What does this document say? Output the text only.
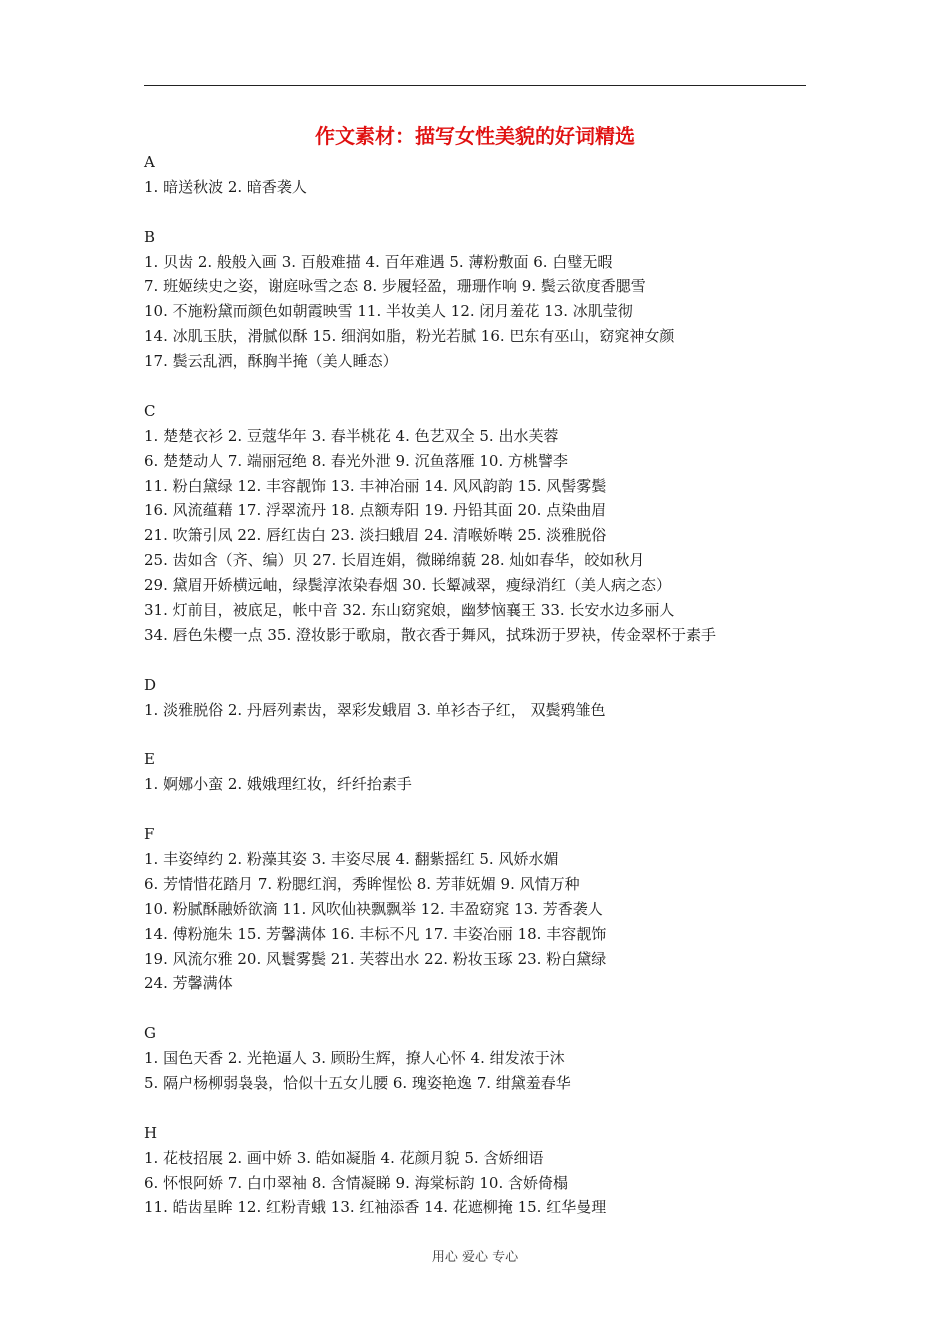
作文素材：描写女性美貌的好词精选
A
1. 暗送秋波 2. 暗香袭人
B
1. 贝齿 2. 般般入画 3. 百般难描 4. 百年难遇 5. 薄粉敷面 6. 白璧无暇
7. 班姬续史之姿，谢庭咏雪之态 8. 步履轻盈，珊珊作响 9. 鬓云欲度香腮雪
10. 不施粉黛而颜色如朝霞映雪 11. 半妆美人 12. 闭月羞花 13. 冰肌莹彻
14. 冰肌玉肤，滑腻似酥 15. 细润如脂，粉光若腻 16. 巴东有巫山，窈窕神女颜
17. 鬓云乱洒，酥胸半掩（美人睡态）
C
1. 楚楚衣衫 2. 豆蔻华年 3. 春半桃花 4. 色艺双全 5. 出水芙蓉
6. 楚楚动人 7. 端丽冠绝 8. 春光外泄 9. 沉鱼落雁 10. 方桃譬李
11. 粉白黛绿 12. 丰容靓饰 13. 丰神冶丽 14. 风风韵韵 15. 风髻雾鬓
16. 风流蕴藉 17. 浮翠流丹 18. 点额寿阳 19. 丹铅其面 20. 点染曲眉
21. 吹箫引凤 22. 唇红齿白 23. 淡扫蛾眉 24. 清喉娇啭 25. 淡雅脱俗
25. 齿如含（齐、编）贝 27. 长眉连娟，微睇绵藐 28. 灿如春华，皎如秋月
29. 黛眉开娇横远岫，绿鬓淳浓染春烟 30. 长颦减翠，瘦绿消红（美人病之态）
31. 灯前目，被底足，帐中音 32. 东山窈窕娘，幽梦恼襄王 33. 长安水边多丽人
34. 唇色朱樱一点 35. 澄妆影于歌扇，散衣香于舞风，拭珠沥于罗袂，传金翠杯于素手
D
1. 淡雅脱俗 2. 丹唇列素齿，翠彩发蛾眉 3. 单衫杏子红， 双鬓鸦雏色
E
1. 婀娜小蛮 2. 娥娥理红妆，纤纤抬素手
F
1. 丰姿绰约 2. 粉藻其姿 3. 丰姿尽展 4. 翻紫摇红 5. 风娇水媚
6. 芳情惜花踏月 7. 粉腮红润，秀眸惺忪 8. 芳菲妩媚 9. 风情万种
10. 粉腻酥融娇欲滴 11. 风吹仙袂飘飘举 12. 丰盈窈窕 13. 芳香袭人
14. 傅粉施朱 15. 芳馨满体 16. 丰标不凡 17. 丰姿冶丽 18. 丰容靓饰
19. 风流尔雅 20. 风鬟雾鬓 21. 芙蓉出水 22. 粉妆玉琢 23. 粉白黛绿
24. 芳馨满体
G
1. 国色天香 2. 光艳逼人 3. 顾盼生辉，撩人心怀 4. 绀发浓于沐
5. 隔户杨柳弱袅袅，恰似十五女儿腰 6. 瑰姿艳逸 7. 绀黛羞春华
H
1. 花枝招展 2. 画中娇 3. 皓如凝脂 4. 花颜月貌 5. 含娇细语
6. 怀恨阿娇 7. 白巾翠袖 8. 含情凝睇 9. 海棠标韵 10. 含娇倚榻
11. 皓齿星眸 12. 红粉青蛾 13. 红袖添香 14. 花遮柳掩 15. 红华曼理
用心 爱心 专心
